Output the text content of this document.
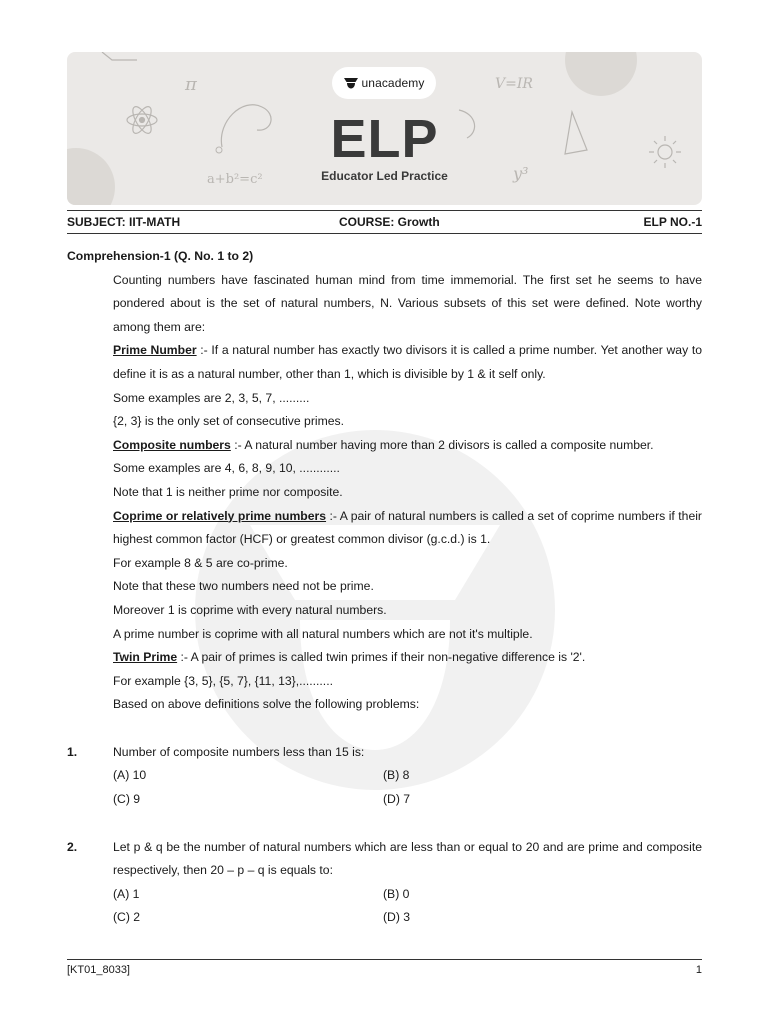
π	V=IR
a+b²=c²	y³
unacademy
ELP
Educator Led Practice
SUBJECT: IIT-MATH	COURSE: Growth	ELP NO.-1
Comprehension-1 (Q. No. 1 to 2)
Counting numbers have fascinated human mind from time immemorial. The first set he seems to have pondered about is the set of natural numbers, N. Various subsets of this set were defined. Note worthy among them are:
Prime Number :- If a natural number has exactly two divisors it is called a prime number. Yet another way to define it is as a natural number, other than 1, which is divisible by 1 & it self only.
Some examples are 2, 3, 5, 7, .........
{2, 3} is the only set of consecutive primes.
Composite numbers :- A natural number having more than 2 divisors is called a composite number.
Some examples are 4, 6, 8, 9, 10, ............
Note that 1 is neither prime nor composite.
Coprime or relatively prime numbers :- A pair of natural numbers is called a set of coprime numbers if their highest common factor (HCF) or greatest common divisor (g.c.d.) is 1.
For example 8 & 5 are co-prime.
Note that these two numbers need not be prime.
Moreover 1 is coprime with every natural numbers.
A prime number is coprime with all natural numbers which are not it's multiple.
Twin Prime :- A pair of primes is called twin primes if their non-negative difference is '2'.
For example {3, 5}, {5, 7}, {11, 13},..........
Based on above definitions solve the following problems:
1.	Number of composite numbers less than 15 is:
(A) 10	(B) 8
(C) 9	(D) 7
2.	Let p & q be the number of natural numbers which are less than or equal to 20 and are prime and composite respectively, then 20 – p – q is equals to:
(A) 1	(B) 0
(C) 2	(D) 3
[KT01_8033]	1
